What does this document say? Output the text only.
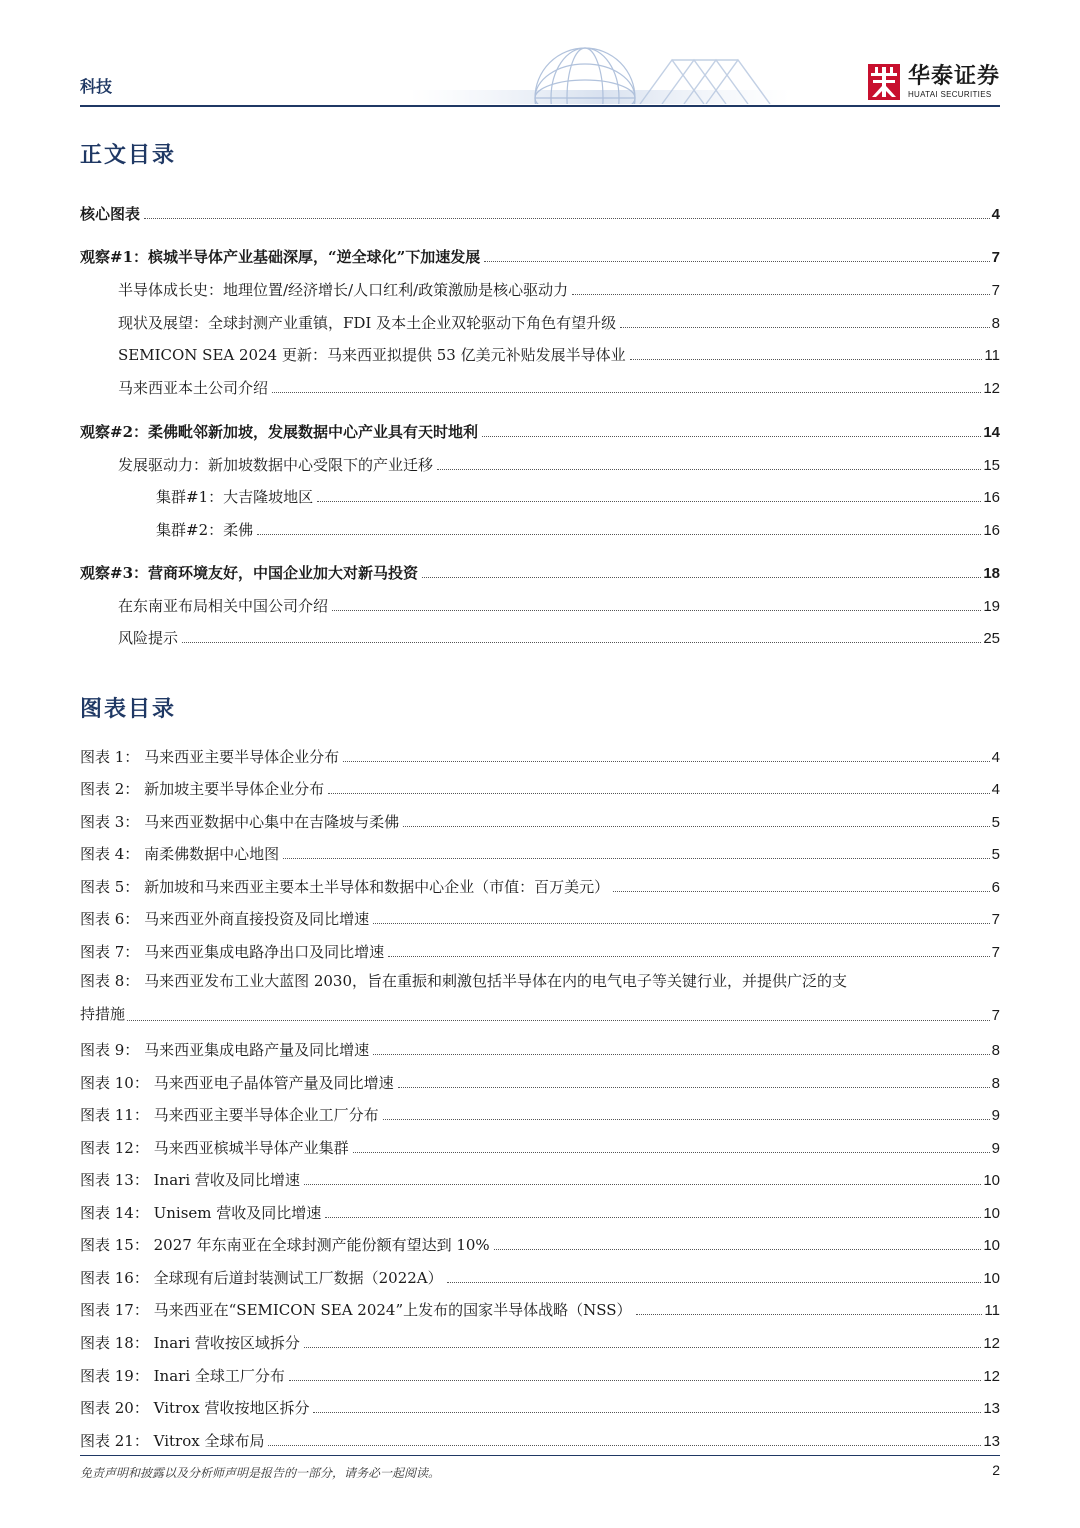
科技	华泰证券
HUATAI SECURITIES
正文目录
核心图表	4
观察#1：槟城半导体产业基础深厚，“逆全球化”下加速发展	7
半导体成长史：地理位置/经济增长/人口红利/政策激励是核心驱动力	7
现状及展望：全球封测产业重镇，FDI 及本土企业双轮驱动下角色有望升级	8
SEMICON SEA 2024 更新：马来西亚拟提供 53 亿美元补贴发展半导体业	11
马来西亚本土公司介绍	12
观察#2：柔佛毗邻新加坡，发展数据中心产业具有天时地利	14
发展驱动力：新加坡数据中心受限下的产业迁移	15
集群#1：大吉隆坡地区	16
集群#2：柔佛	16
观察#3：营商环境友好，中国企业加大对新马投资	18
在东南亚布局相关中国公司介绍	19
风险提示	25
图表目录
图表 1： 马来西亚主要半导体企业分布	4
图表 2： 新加坡主要半导体企业分布	4
图表 3： 马来西亚数据中心集中在吉隆坡与柔佛	5
图表 4： 南柔佛数据中心地图	5
图表 5： 新加坡和马来西亚主要本土半导体和数据中心企业（市值：百万美元）	6
图表 6： 马来西亚外商直接投资及同比增速	7
图表 7： 马来西亚集成电路净出口及同比增速	7
图表 8： 马来西亚发布工业大蓝图 2030，旨在重振和刺激包括半导体在内的电气电子等关键行业，并提供广泛的支
持措施	7
图表 9： 马来西亚集成电路产量及同比增速	8
图表 10： 马来西亚电子晶体管产量及同比增速	8
图表 11： 马来西亚主要半导体企业工厂分布	9
图表 12： 马来西亚槟城半导体产业集群	9
图表 13： Inari 营收及同比增速	10
图表 14： Unisem 营收及同比增速	10
图表 15： 2027 年东南亚在全球封测产能份额有望达到 10%	10
图表 16： 全球现有后道封装测试工厂数据（2022A）	10
图表 17： 马来西亚在“SEMICON SEA 2024”上发布的国家半导体战略（NSS）	11
图表 18： Inari 营收按区域拆分	12
图表 19： Inari 全球工厂分布	12
图表 20： Vitrox 营收按地区拆分	13
图表 21： Vitrox 全球布局	13
免责声明和披露以及分析师声明是报告的一部分，请务必一起阅读。	2
